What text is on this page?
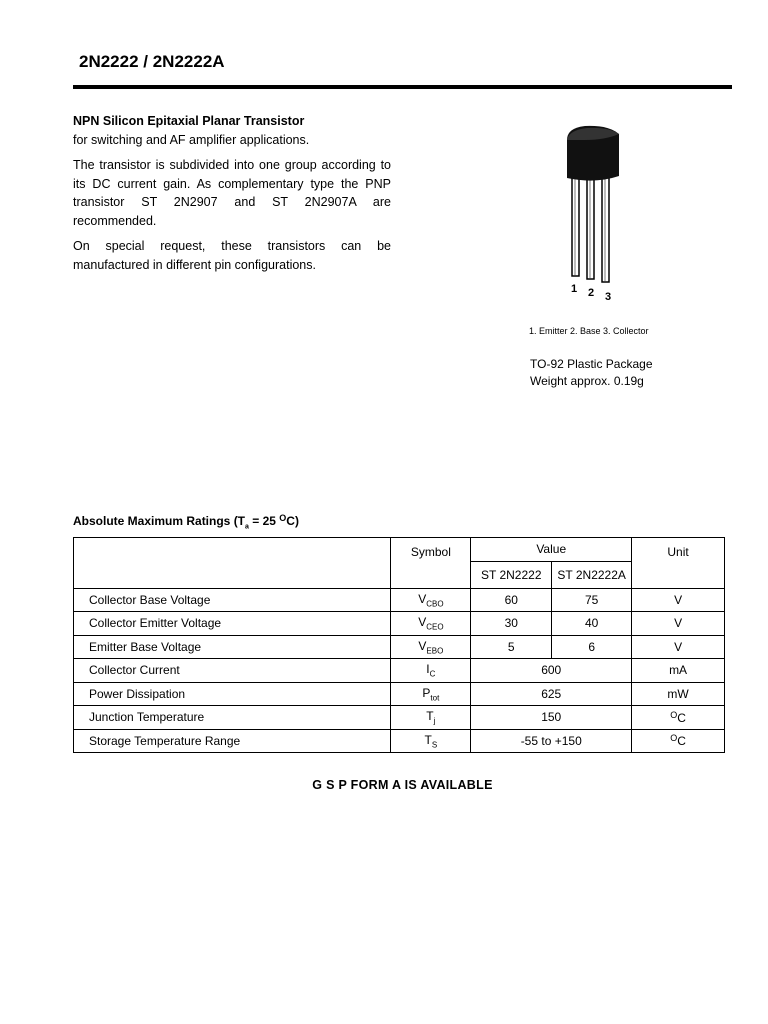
2N2222 / 2N2222A
NPN Silicon Epitaxial Planar Transistor

for switching and AF amplifier applications.

The transistor is subdivided into one group according to its DC current gain. As complementary type the PNP transistor ST 2N2907 and ST 2N2907A are recommended.

On special request, these transistors can be manufactured in different pin configurations.

1 2 3
1. Emitter 2. Base 3. Collector
TO-92 Plastic Package
Weight approx. 0.19g
Absolute Maximum Ratings ($T_a = 25$ $^O$C)
	Symbol	Value		Unit
		ST 2N2222	ST 2N2222A	
Collector Base Voltage	$V_{CBO}$	60	75	V
Collector Emitter Voltage	$V_{CEO}$	30	40	V
Emitter Base Voltage	$V_{EBO}$	5	6	V
Collector Current	$I_C$	600		mA
Power Dissipation	$P_{tot}$	625		mW
Junction Temperature	$T_j$	150		$^O$C
Storage Temperature Range	$T_S$	-55 to +150		$^O$C
G S P FORM A IS AVAILABLE
